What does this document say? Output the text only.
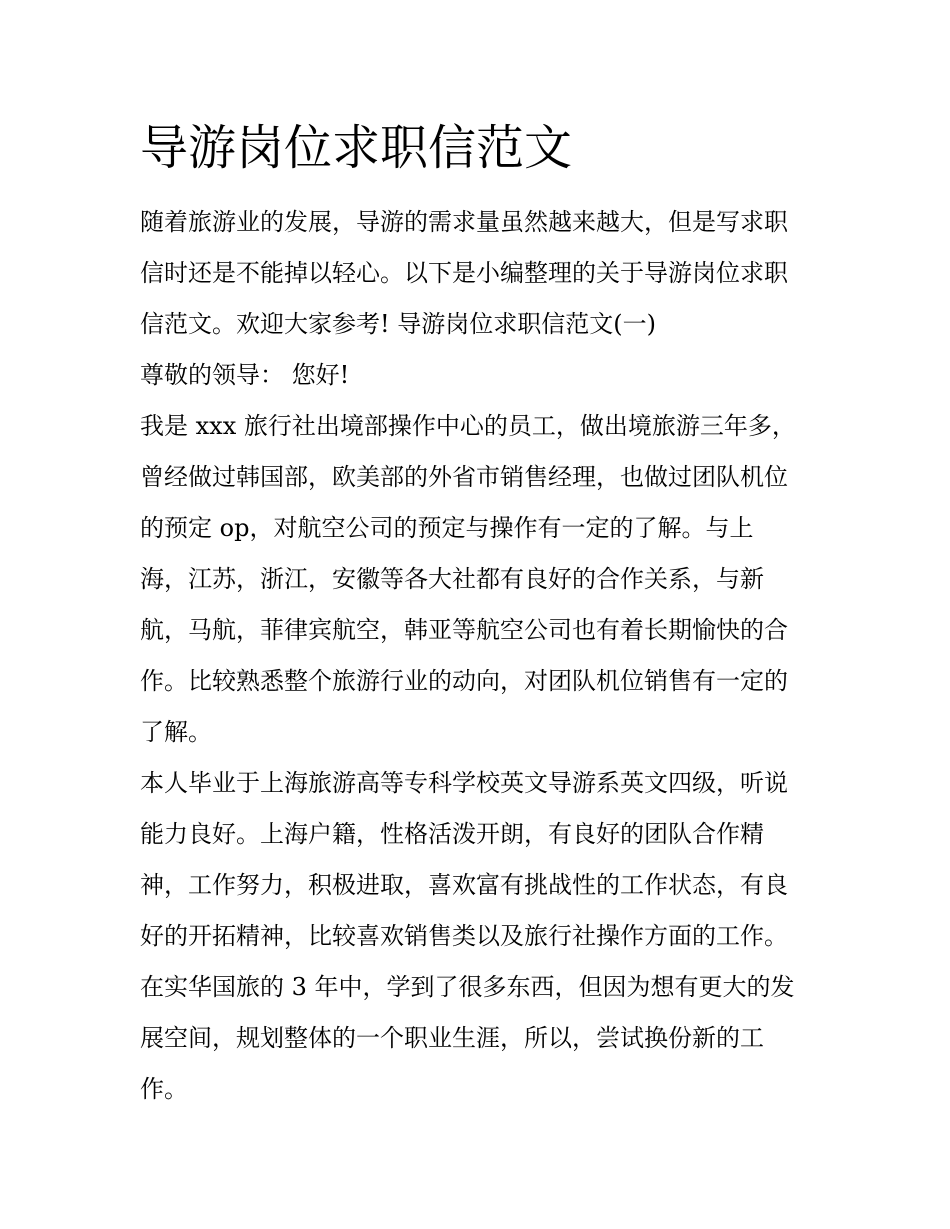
导游岗位求职信范文
随着旅游业的发展，导游的需求量虽然越来越大，但是写求职
信时还是不能掉以轻心。以下是小编整理的关于导游岗位求职
信范文。欢迎大家参考! 导游岗位求职信范文(一)
尊敬的领导： 您好!
我是 xxx 旅行社出境部操作中心的员工，做出境旅游三年多，
曾经做过韩国部，欧美部的外省市销售经理，也做过团队机位
的预定 op，对航空公司的预定与操作有一定的了解。与上
海，江苏，浙江，安徽等各大社都有良好的合作关系，与新
航，马航，菲律宾航空，韩亚等航空公司也有着长期愉快的合
作。比较熟悉整个旅游行业的动向，对团队机位销售有一定的
了解。
本人毕业于上海旅游高等专科学校英文导游系英文四级，听说
能力良好。上海户籍，性格活泼开朗，有良好的团队合作精
神，工作努力，积极进取，喜欢富有挑战性的工作状态，有良
好的开拓精神，比较喜欢销售类以及旅行社操作方面的工作。
在实华国旅的 3 年中，学到了很多东西，但因为想有更大的发
展空间，规划整体的一个职业生涯，所以，尝试换份新的工
作。
